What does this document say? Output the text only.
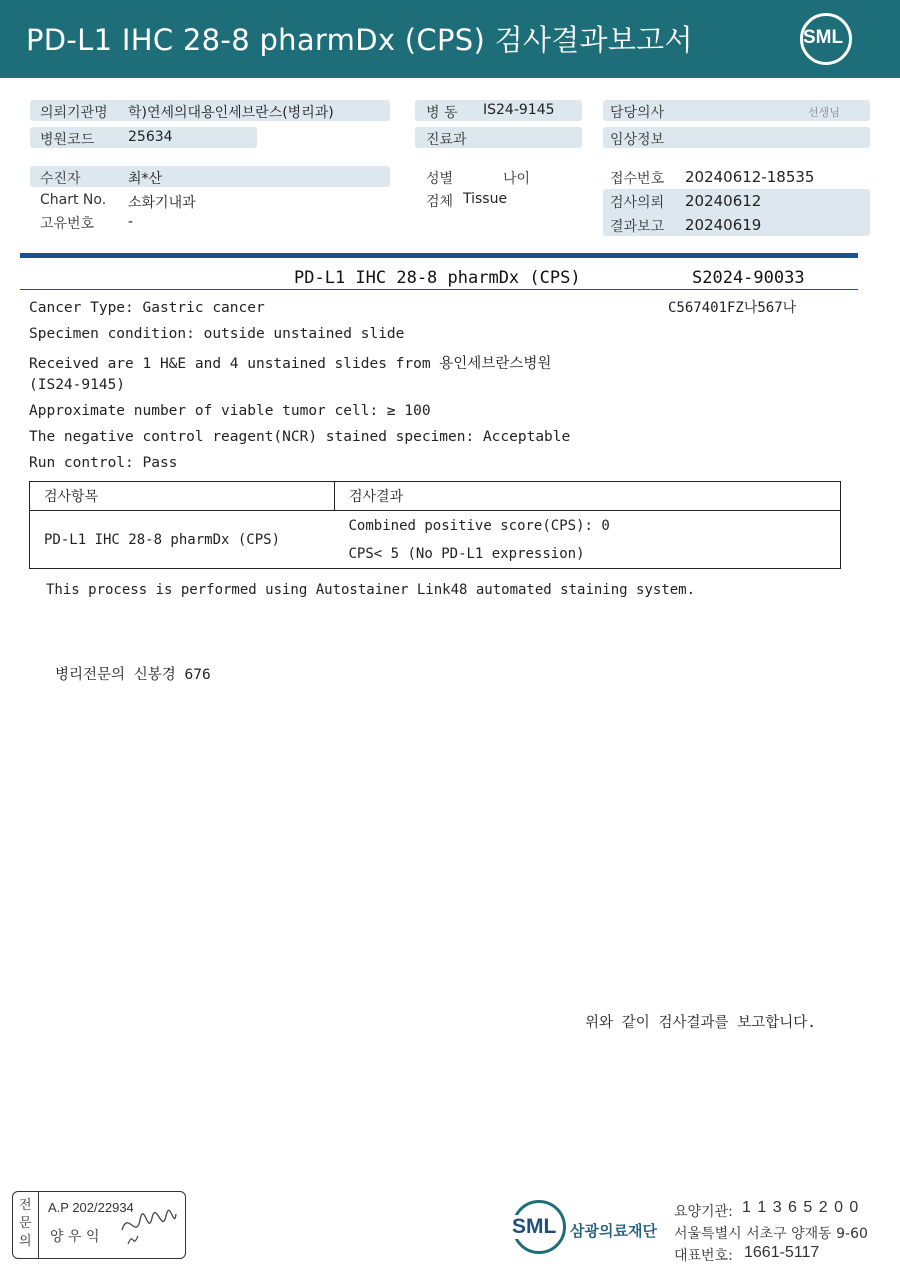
PD-L1 IHC 28-8 pharmDx (CPS) 검사결과보고서	SML
의뢰기관명 학)연세의대용인세브란스(병리과)	병 동 IS24-9145	담당의사	선생님
병원코드 25634	진료과	임상정보
수진자	최*산	성별	나이	접수번호 20240612-18535
Chart No. 소화기내과	검체 Tissue	검사의뢰 20240612
고유번호 -	결과보고 20240619
PD-L1 IHC 28-8 pharmDx (CPS)	S2024-90033
C567401FZ나567나
Cancer Type: Gastric cancer
Specimen condition: outside unstained slide
Received are 1 H&E and 4 unstained slides from 용인세브란스병원
(IS24-9145)
Approximate number of viable tumor cell: ≥ 100
The negative control reagent(NCR) stained specimen: Acceptable
Run control: Pass
검사항목	검사결과
PD-L1 IHC 28-8 pharmDx (CPS)	Combined positive score(CPS): 0
CPS< 5 (No PD-L1 expression)
This process is performed using Autostainer Link48 automated staining system.
병리전문의 신봉경 676
위와 같이 검사결과를 보고합니다.
전문의
A.P 202/22934
양 우 익	SML 삼광의료재단
요양기관: 1 1 3 6 5 2 0 0
서울특별시 서초구 양재동 9-60
대표번호: 1661-5117
